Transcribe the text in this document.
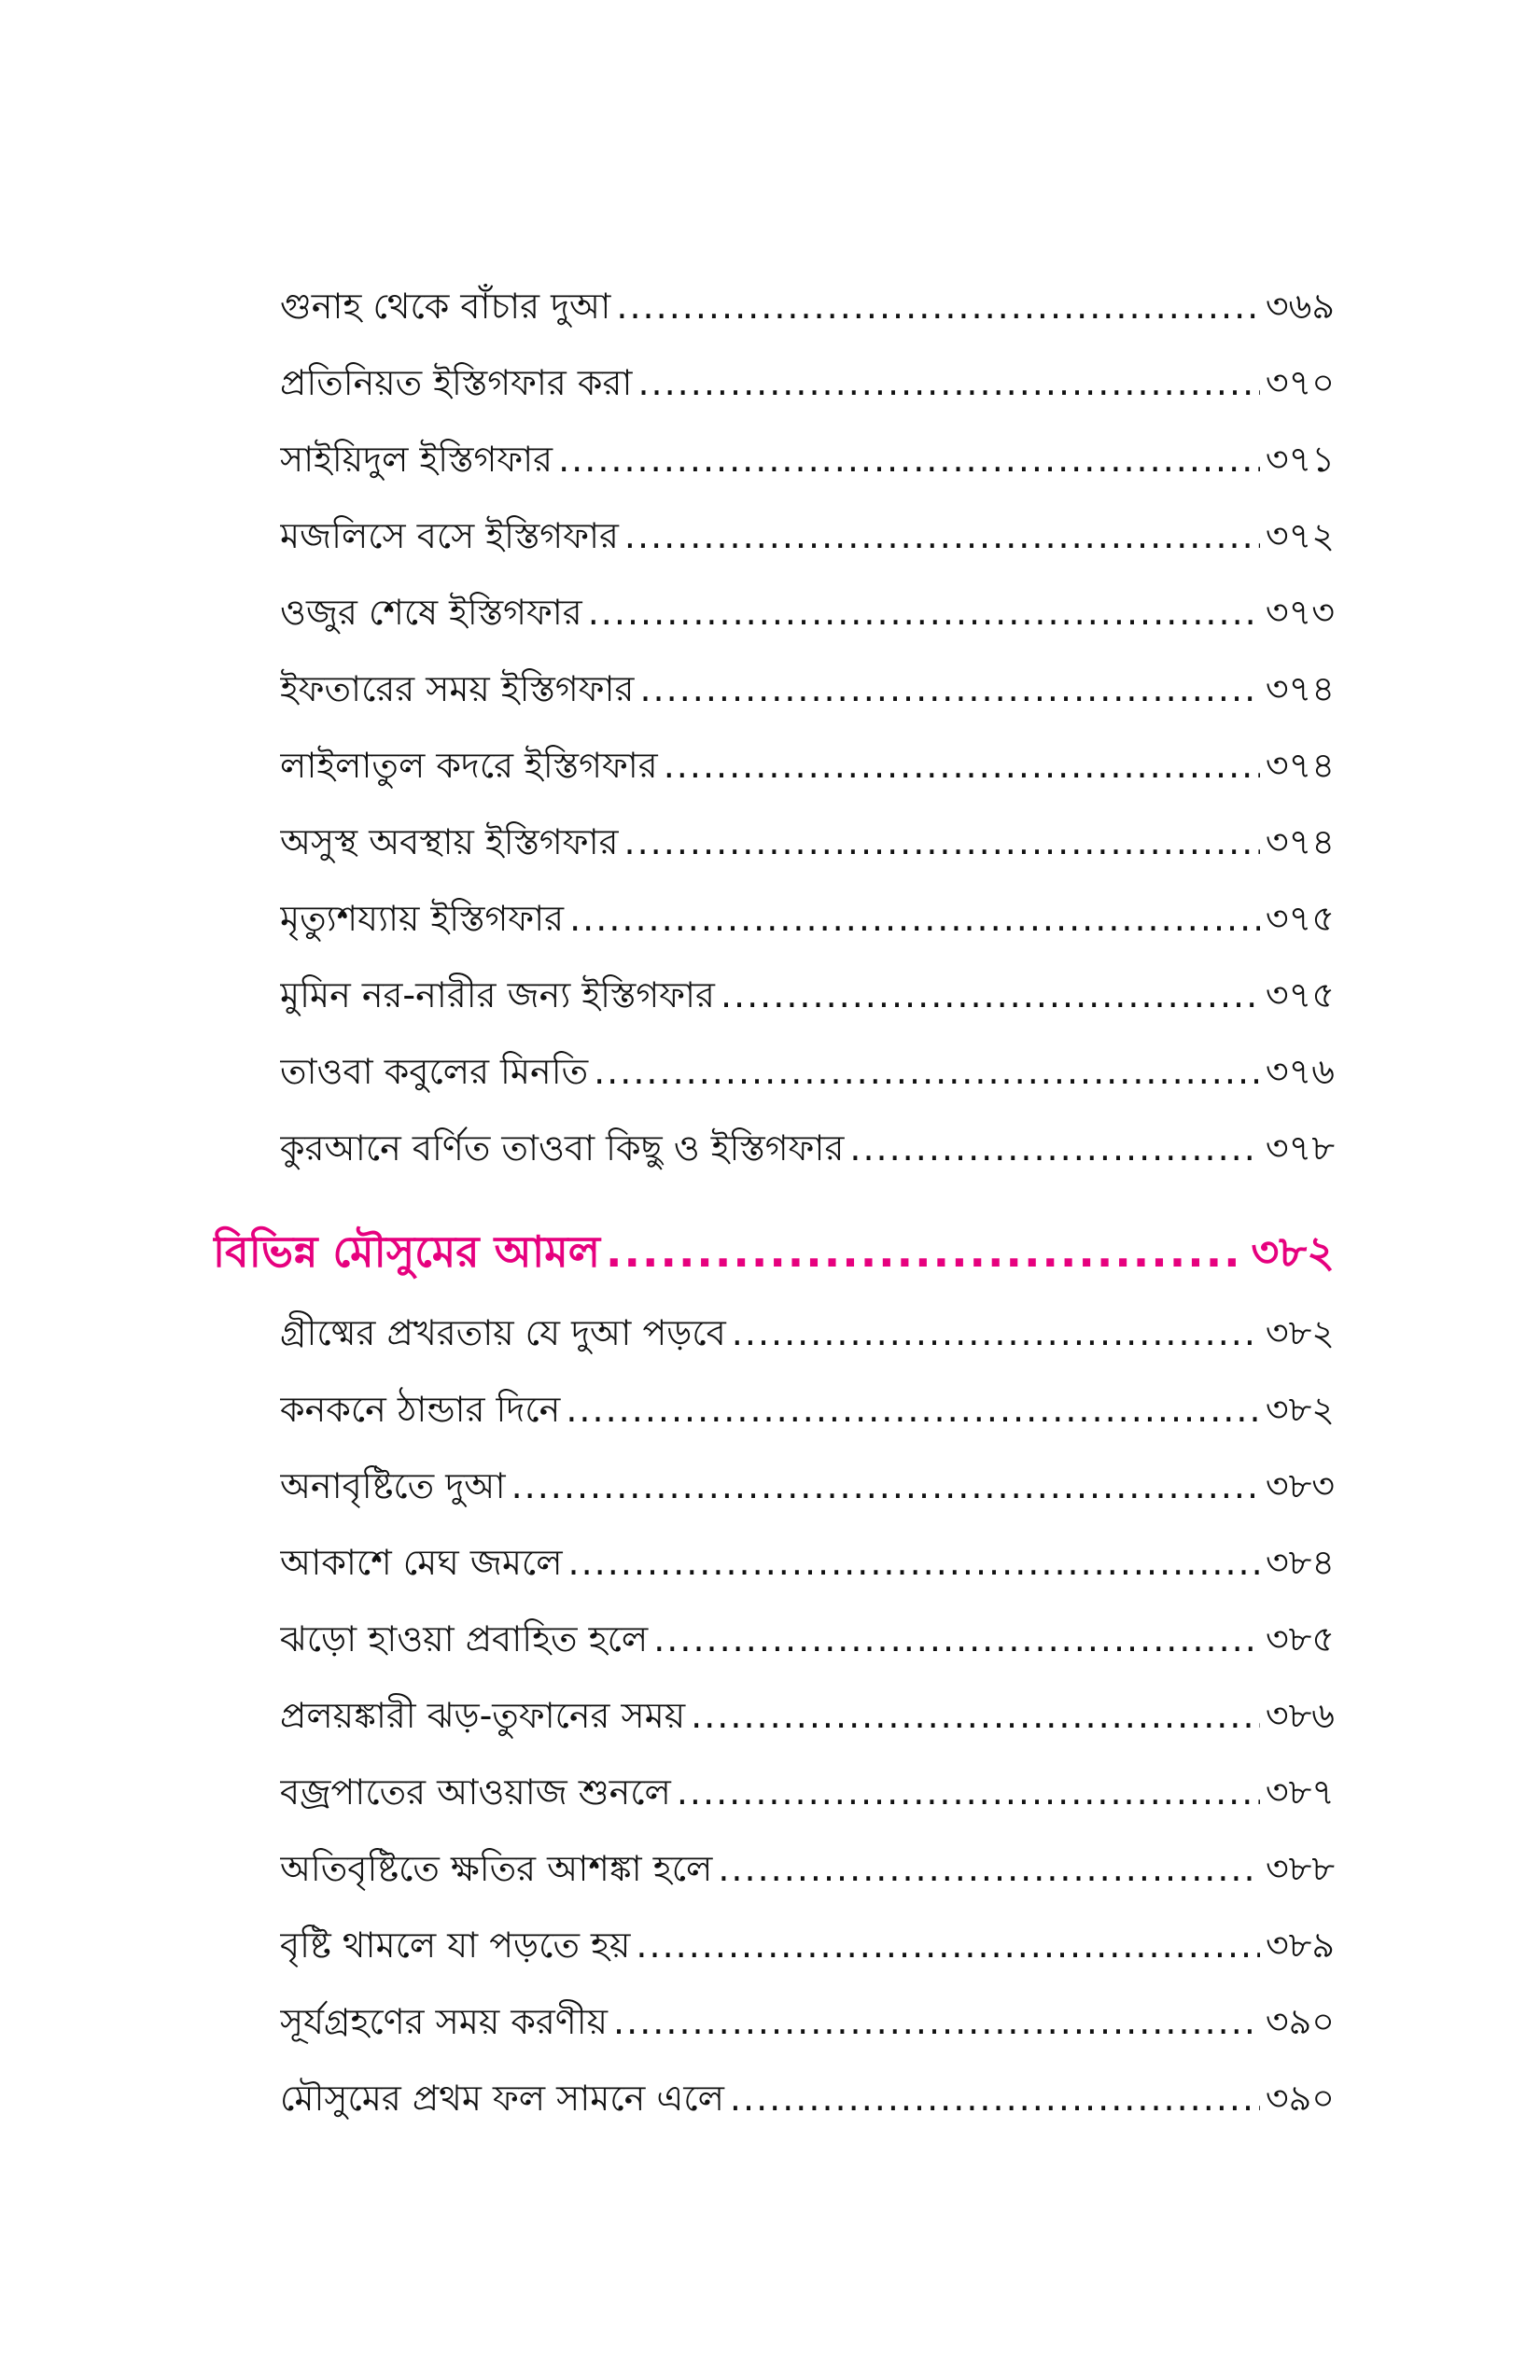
গুনাহ থেকে বাঁচার দুআ .....	৩৬৯
প্রতিনিয়ত ইস্তিগফার করা .....	৩৭০
সাইয়িদুল ইস্তিগফার .....	৩৭১
মজলিসে বসে ইস্তিগফার .....	৩৭২
ওজুর শেষে ইস্তিগফার .....	৩৭৩
ইফতারের সময় ইস্তিগফার .....	৩৭৪
লাইলাতুল কদরে ইস্তিগফার .....	৩৭৪
অসুস্থ অবস্থায় ইস্তিগফার .....	৩৭৪
মৃত্যুশয্যায় ইস্তিগফার .....	৩৭৫
মুমিন নর-নারীর জন্য ইস্তিগফার .....	৩৭৫
তাওবা কবুলের মিনতি .....	৩৭৬
কুরআনে বর্ণিত তাওবা কিছু ও ইস্তিগফার .....	৩৭৮
বিভিন্ন মৌসুমের আমল .....	৩৮২
গ্রীষ্মের প্রখরতায় যে দুআ পড়বে .....	৩৮২
কনকনে ঠান্ডার দিনে .....	৩৮২
অনাবৃষ্টিতে দুআ .....	৩৮৩
আকাশে মেঘ জমলে .....	৩৮৪
ঝড়ো হাওয়া প্রবাহিত হলে .....	৩৮৫
প্রলয়ঙ্কারী ঝড়-তুফানের সময় .....	৩৮৬
বজ্রপাতের আওয়াজ শুনলে .....	৩৮৭
অতিবৃষ্টিতে ক্ষতির আশঙ্কা হলে .....	৩৮৮
বৃষ্টি থামলে যা পড়তে হয় .....	৩৮৯
সূর্যগ্রহণের সময় করণীয় .....	৩৯০
মৌসুমের প্রথম ফল সামনে এলে .....	৩৯০
